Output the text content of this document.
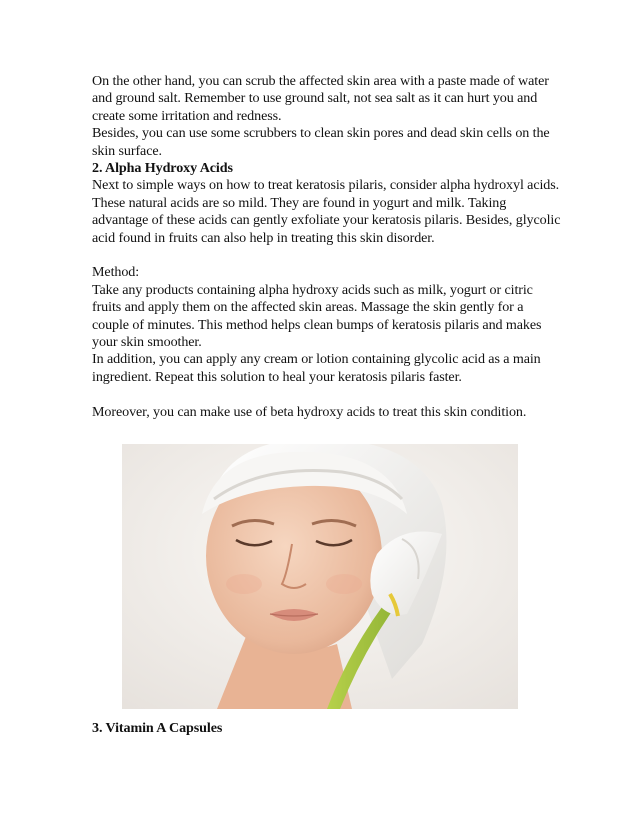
On the other hand, you can scrub the affected skin area with a paste made of water and ground salt. Remember to use ground salt, not sea salt as it can hurt you and create some irritation and redness.

Besides, you can use some scrubbers to clean skin pores and dead skin cells on the skin surface.

2. Alpha Hydroxy Acids

Next to simple ways on how to treat keratosis pilaris, consider alpha hydroxyl acids. These natural acids are so mild. They are found in yogurt and milk. Taking advantage of these acids can gently exfoliate your keratosis pilaris. Besides, glycolic acid found in fruits can also help in treating this skin disorder.

Method:

Take any products containing alpha hydroxy acids such as milk, yogurt or citric fruits and apply them on the affected skin areas. Massage the skin gently for a couple of minutes. This method helps clean bumps of keratosis pilaris and makes your skin smoother.

In addition, you can apply any cream or lotion containing glycolic acid as a main ingredient. Repeat this solution to heal your keratosis pilaris faster.

Moreover, you can make use of beta hydroxy acids to treat this skin condition.

3. Vitamin A Capsules
